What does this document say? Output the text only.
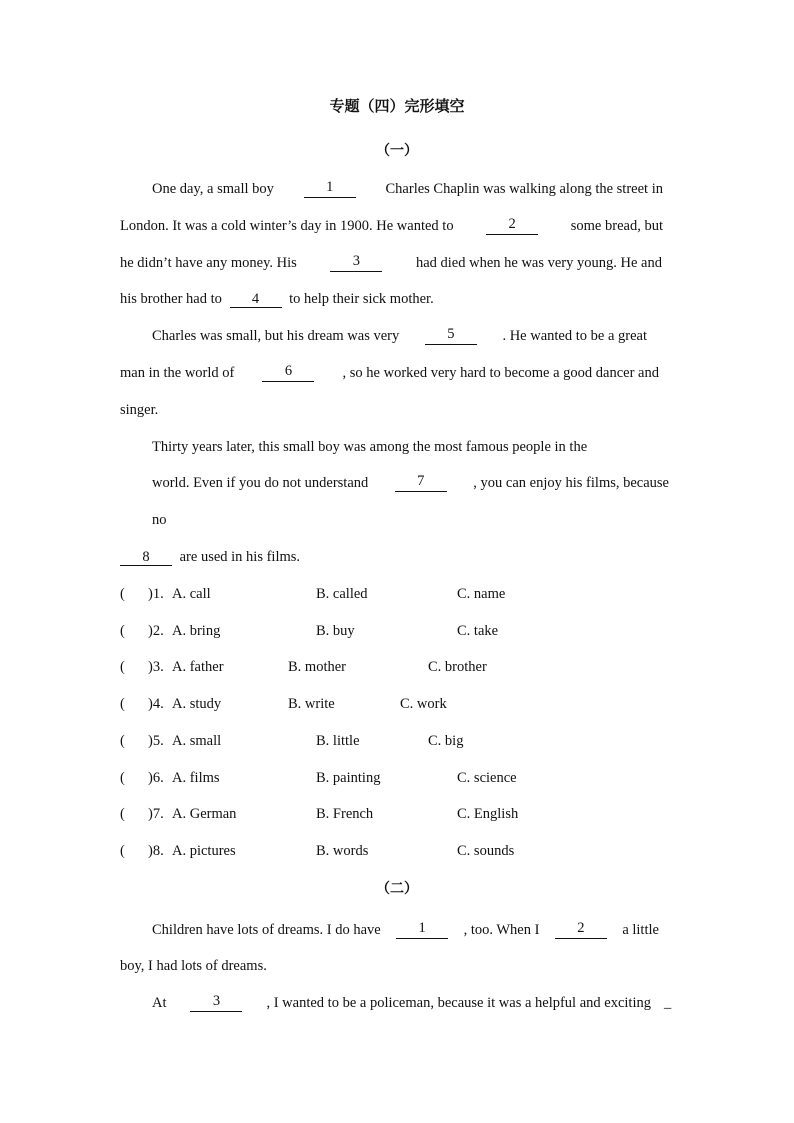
专题（四）完形填空
（一）
One day, a small boy	1	Charles Chaplin was walking along the street in
London. It was a cold winter’s day in 1900. He wanted to	2	some bread, but
he didn’t have any money. His	3	had died when he was very young. He and
his brother had to 4 to help their sick mother.
Charles was small, but his dream was very	5	. He wanted to be a great
man in the world of	6	, so he worked very hard to become a good dancer and
singer.
Thirty years later, this small boy was among the most famous people in the
world. Even if you do not understand	7	, you can enjoy his films, because
no
8 are used in his films.
( )1. A. call	B. called	C. name
( )2. A. bring	B. buy	C. take
( )3. A. father	B. mother	C. brother
( )4. A. study	B. write	C. work
( )5. A. small	B. little	C. big
( )6. A. films	B. painting	C. science
( )7. A. German	B. French	C. English
( )8. A. pictures	B. words	C. sounds
（二）
Children have lots of dreams. I do have	1	, too. When I	2	a little
boy, I had lots of dreams.
At	3	, I wanted to be a policeman, because it was a helpful and exciting _
